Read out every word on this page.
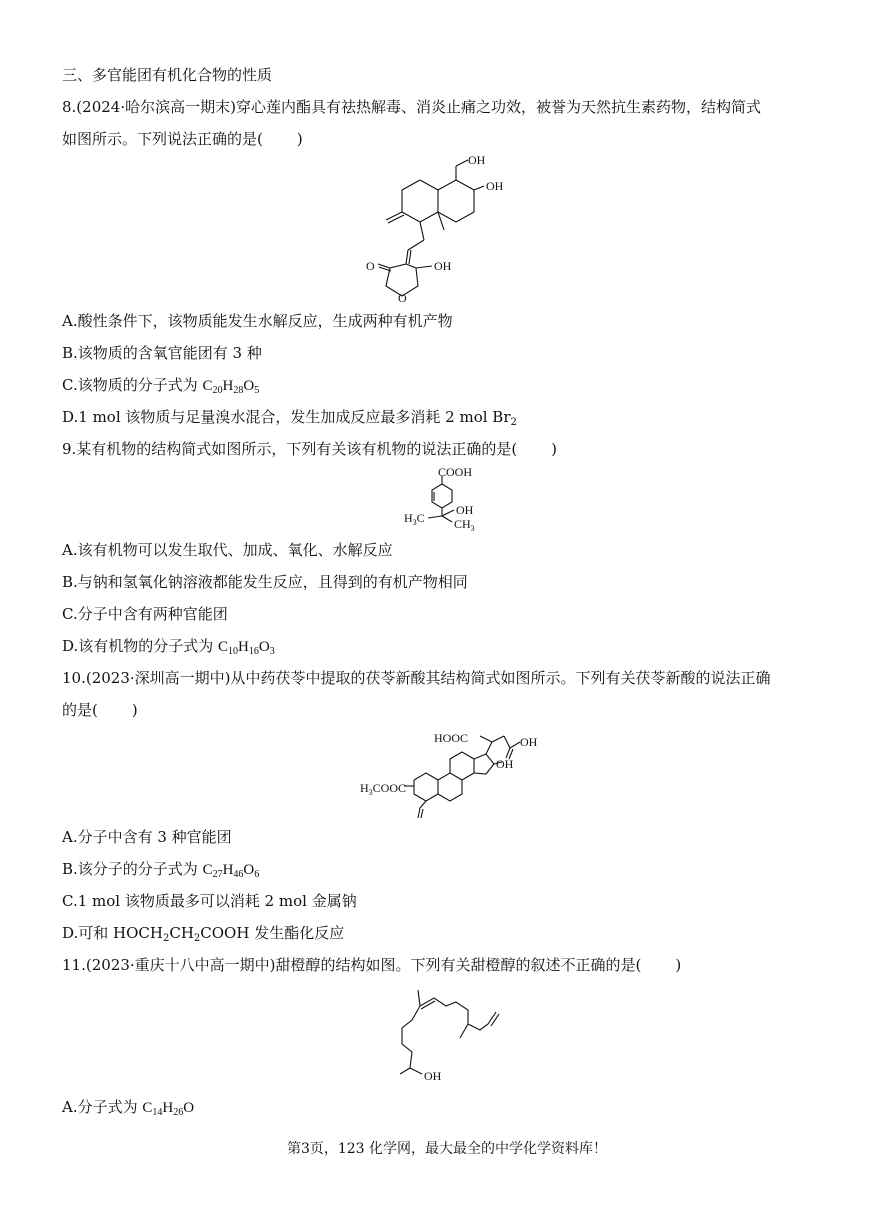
三、多官能团有机化合物的性质
8.(2024·哈尔滨高一期末)穿心莲内酯具有祛热解毒、消炎止痛之功效，被誉为天然抗生素药物，结构简式
如图所示。下列说法正确的是( )
OH
OH
O	OH
O
A.酸性条件下，该物质能发生水解反应，生成两种有机产物
B.该物质的含氧官能团有 3 种
C.该物质的分子式为 $C_{20}H_{28}O_5$
D.1 mol 该物质与足量溴水混合，发生加成反应最多消耗 2 mol $Br_2$
9.某有机物的结构简式如图所示，下列有关该有机物的说法正确的是( )
COOH
$H_3C$
OH
$CH_3$
A.该有机物可以发生取代、加成、氧化、水解反应
B.与钠和氢氧化钠溶液都能发生反应，且得到的有机产物相同
C.分子中含有两种官能团
D.该有机物的分子式为 $C_{10}H_{16}O_3$
10.(2023·深圳高一期中)从中药茯苓中提取的茯苓新酸其结构简式如图所示。下列有关茯苓新酸的说法正确
的是( )
HOOC	OH
OH
$H_3COOC$
A.分子中含有 3 种官能团
B.该分子的分子式为 $C_{27}H_{46}O_6$
C.1 mol 该物质最多可以消耗 2 mol 金属钠
D.可和 $HOCH_2CH_2COOH$ 发生酯化反应
11.(2023·重庆十八中高一期中)甜橙醇的结构如图。下列有关甜橙醇的叙述不正确的是( )
OH
A.分子式为 $C_{14}H_{26}O$
第3页，123 化学网，最大最全的中学化学资料库！
